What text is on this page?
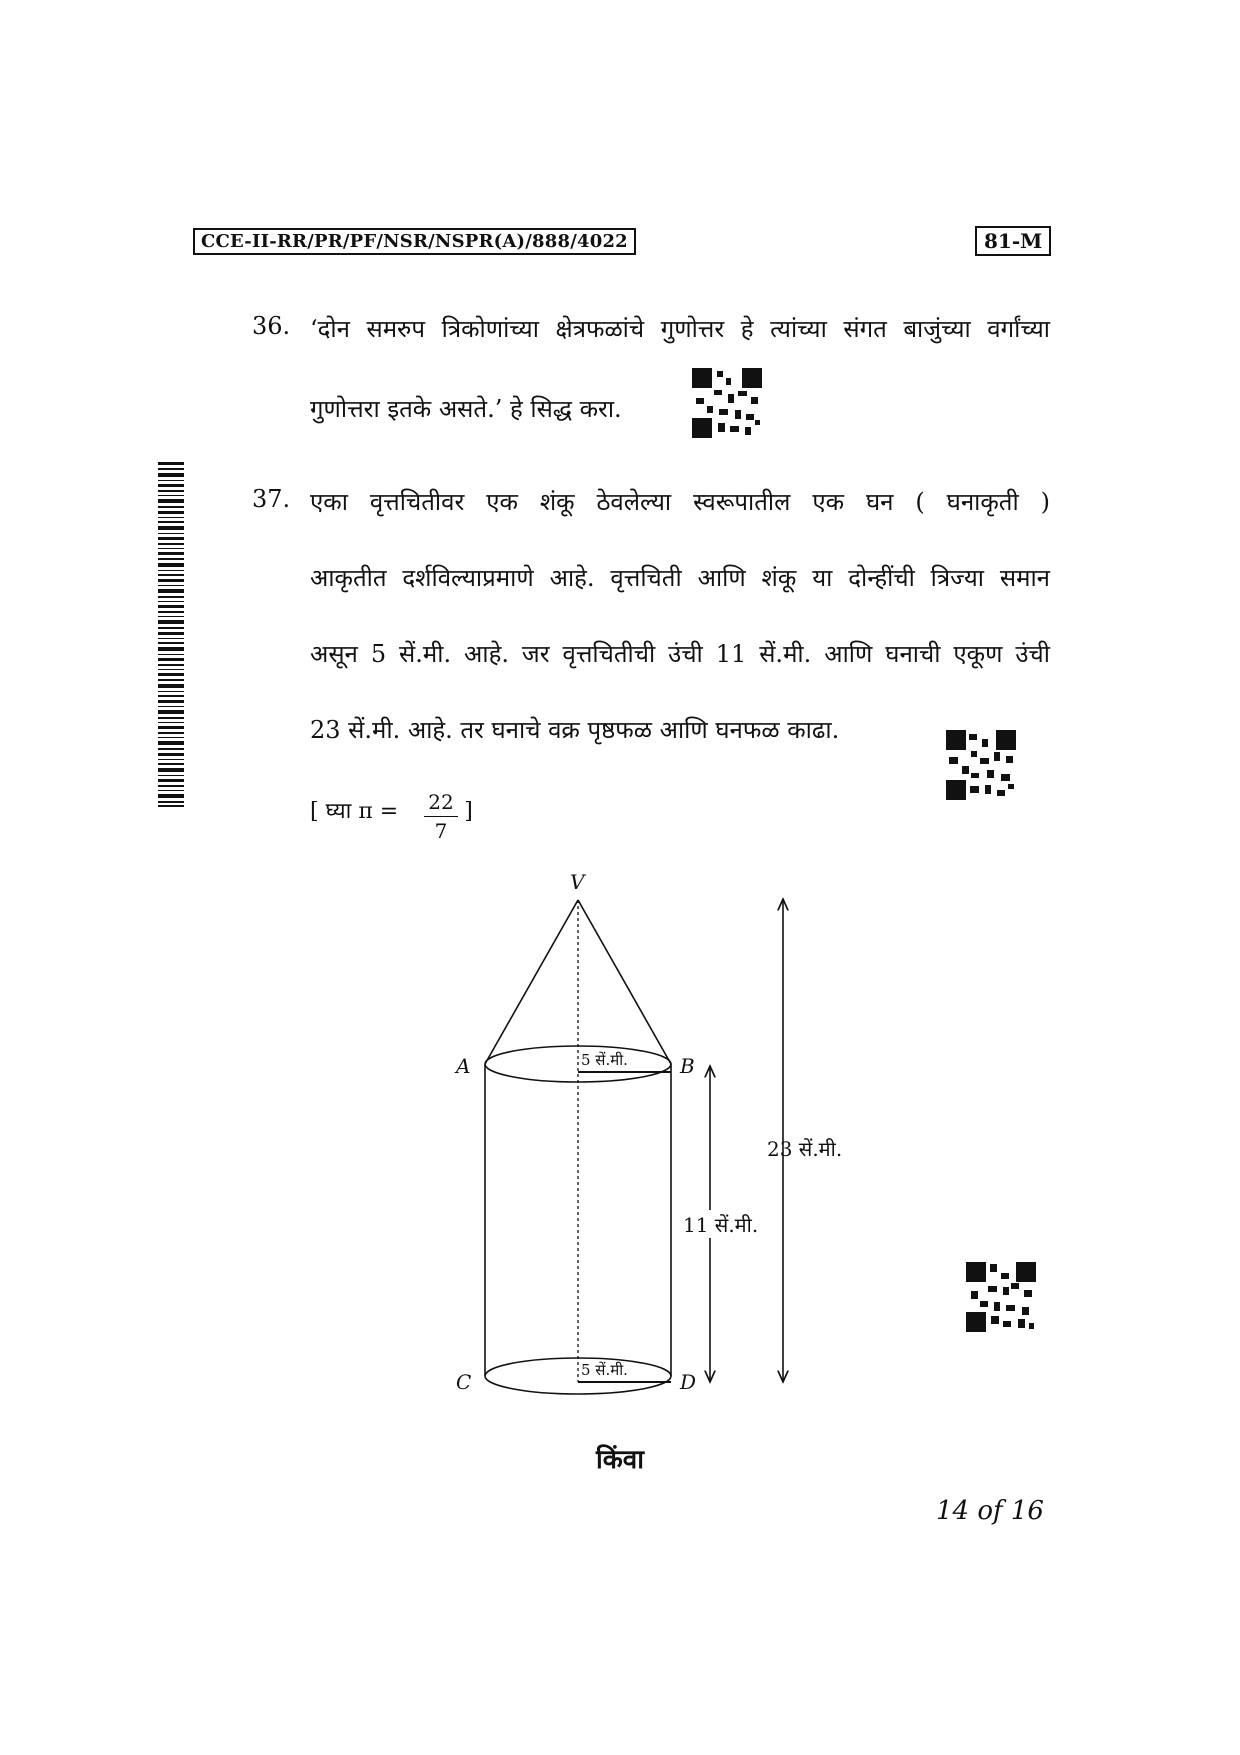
CCE-II-RR/PR/PF/NSR/NSPR(A)/888/4022	81-M
36. ‘दोन समरुप त्रिकोणांच्या क्षेत्रफळांचे गुणोत्तर हे त्यांच्या संगत बाजुंच्या वर्गांच्या
गुणोत्तरा इतके असते.’ हे सिद्ध करा.
37. एका वृत्तचितीवर एक शंकू ठेवलेल्या स्वरूपातील एक घन ( घनाकृती )
आकृतीत दर्शविल्याप्रमाणे आहे. वृत्तचिती आणि शंकू या दोन्हींची त्रिज्या समान
असून 5 सें.मी. आहे. जर वृत्तचितीची उंची 11 सें.मी. आणि घनाची एकूण उंची
23 सें.मी. आहे. तर घनाचे वक्र पृष्ठफळ आणि घनफळ काढा.
[ घ्या π =	]
$\frac{22}{7}$
V
A	B
C	D
5 सें.मी.
5 सें.मी.
11 सें.मी.
23 सें.मी.
किंवा
14 of 16
